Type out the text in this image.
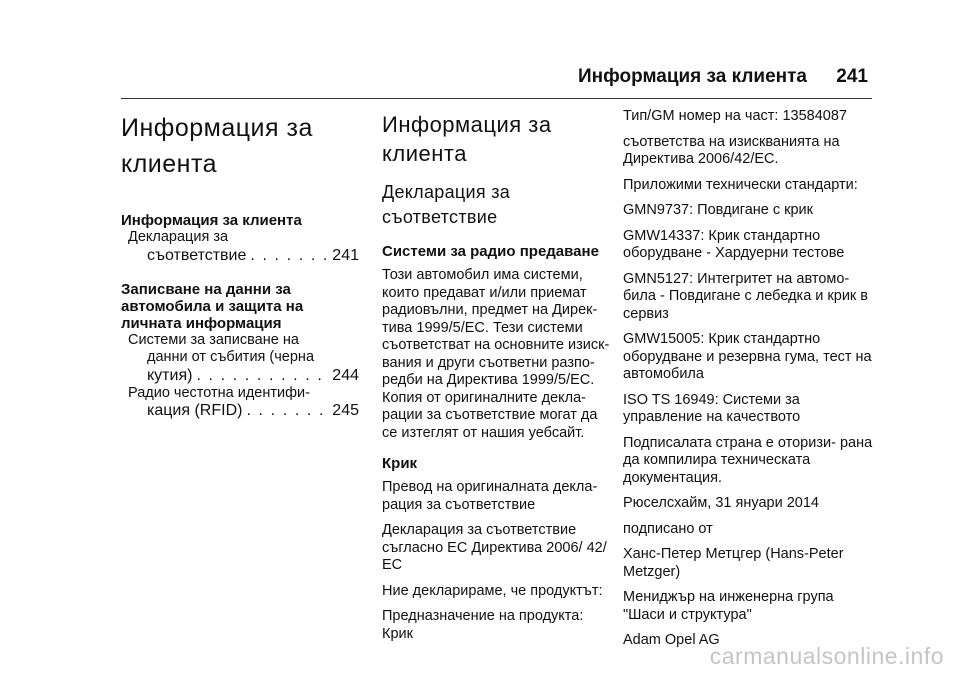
Информация за клиента 241
Информация за
клиента
Информация за клиента
Декларация за
съответствие . . .	241
Записване на данни за
автомобила и защита на
личната информация
Системи за записване на
данни от събития (черна
кутия) . . .	244
Радио честотна идентифи-
кация (RFID) . . .	245
Информация за
клиента
Декларация за
съответствие
Системи за радио предаване

Този автомобил има системи, които предават и/или приемат радиовълни, предмет на Дирек- тива 1999/5/ЕС. Тези системи съответстват на основните изиск- вания и други съответни разпо- редби на Директива 1999/5/ЕС. Копия от оригиналните декла- рации за съответствие могат да се изтеглят от нашия уебсайт.

Крик

Превод на оригиналната декла- рация за съответствие

Декларация за съответствие съгласно ЕС Директива 2006/ 42/ЕС

Ние декларираме, че продуктът:

Предназначение на продукта: Крик

Тип/GM номер на част: 13584087

съответства на изискванията на Директива 2006/42/ЕС.

Приложими технически стандарти:

GMN9737: Повдигане с крик

GMW14337: Крик стандартно оборудване - Хардуерни тестове

GMN5127: Интегритет на автомо- била - Повдигане с лебедка и крик в сервиз

GMW15005: Крик стандартно оборудване и резервна гума, тест на автомобила

ISO TS 16949: Системи за управление на качеството

Подписалата страна е оторизи- рана да компилира техническата документация.

Рюселсхайм, 31 януари 2014

подписано от

Ханс-Петер Метцгер (Hans-Peter Metzger)

Мениджър на инженерна група "Шаси и структура"

Adam Opel AG

carmanualsonline.info
